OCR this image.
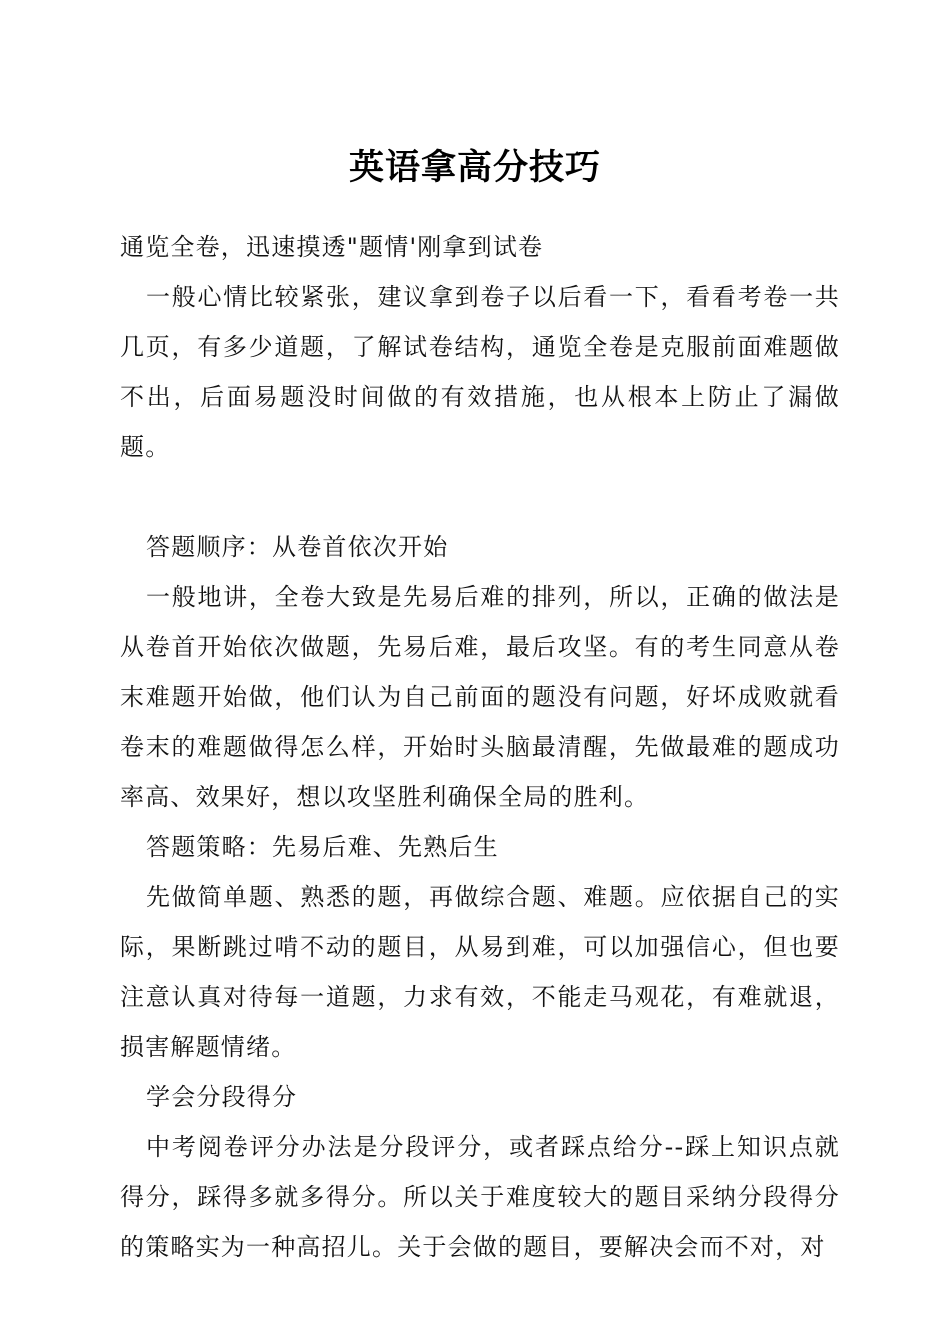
英语拿高分技巧

通览全卷，迅速摸透"题情'刚拿到试卷

一般心情比较紧张，建议拿到卷子以后看一下，看看考卷一共几页，有多少道题，了解试卷结构，通览全卷是克服前面难题做不出，后面易题没时间做的有效措施，也从根本上防止了漏做题。

答题顺序：从卷首依次开始

一般地讲，全卷大致是先易后难的排列，所以，正确的做法是从卷首开始依次做题，先易后难，最后攻坚。有的考生同意从卷末难题开始做，他们认为自己前面的题没有问题，好坏成败就看卷末的难题做得怎么样，开始时头脑最清醒，先做最难的题成功率高、效果好，想以攻坚胜利确保全局的胜利。

答题策略：先易后难、先熟后生

先做简单题、熟悉的题，再做综合题、难题。应依据自己的实际，果断跳过啃不动的题目，从易到难，可以加强信心，但也要注意认真对待每一道题，力求有效，不能走马观花，有难就退，损害解题情绪。

学会分段得分

中考阅卷评分办法是分段评分，或者踩点给分--踩上知识点就得分，踩得多就多得分。所以关于难度较大的题目采纳分段得分的策略实为一种高招儿。关于会做的题目，要解决会而不对，对
